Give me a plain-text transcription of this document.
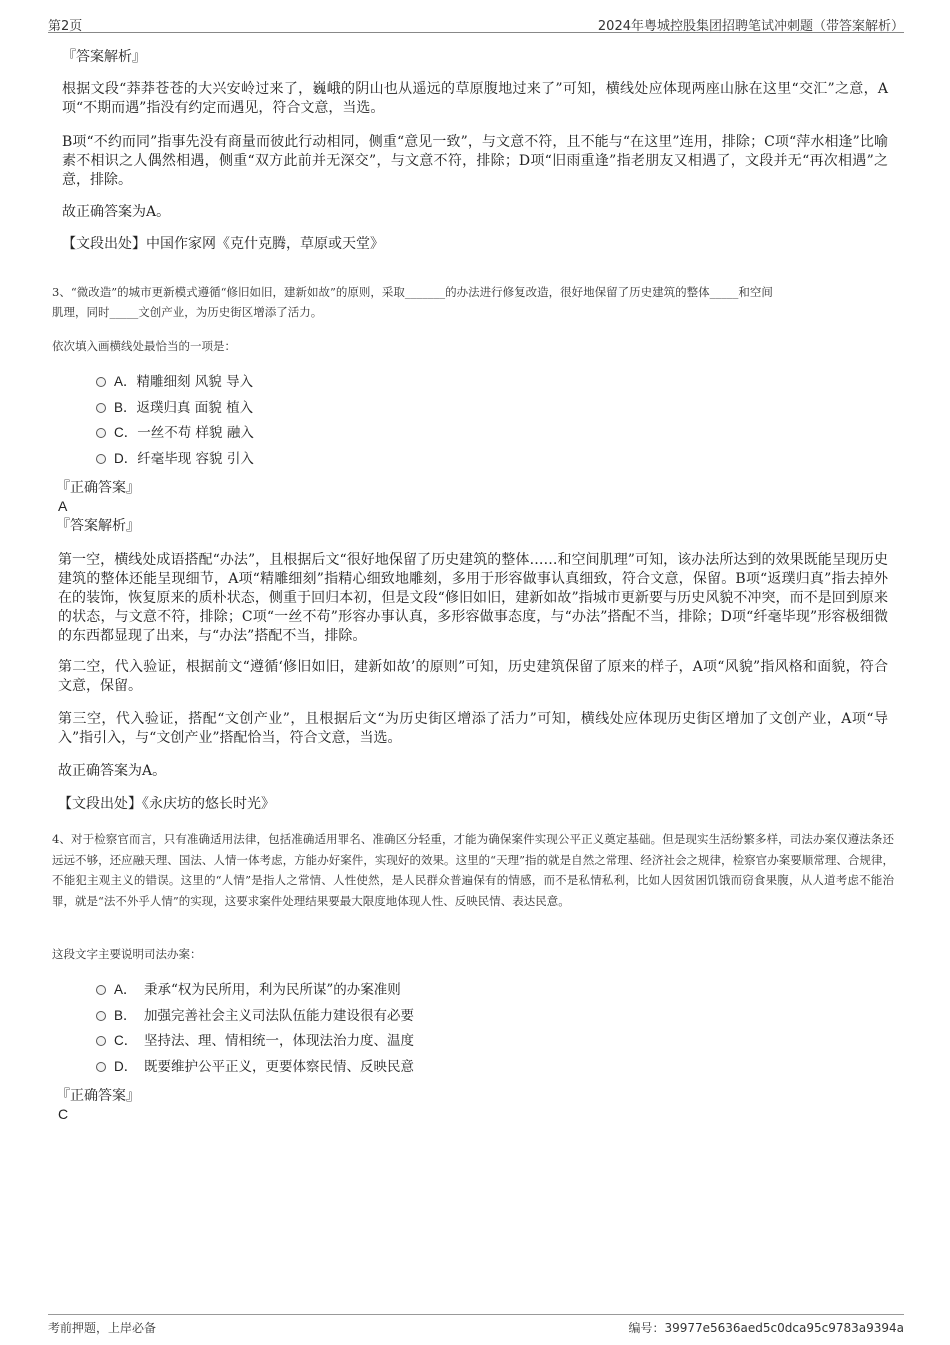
第2页	2024年粤城控股集团招聘笔试冲刺题（带答案解析）
『答案解析』
根据文段“莽莽苍苍的大兴安岭过来了，巍峨的阴山也从遥远的草原腹地过来了”可知，横线处应体现两座山脉在这里“交汇”之意，A项“不期而遇”指没有约定而遇见，符合文意，当选。
B项“不约而同”指事先没有商量而彼此行动相同，侧重“意见一致”，与文意不符，且不能与“在这里”连用，排除；C项“萍水相逢”比喻素不相识之人偶然相遇，侧重“双方此前并无深交”，与文意不符，排除；D项“旧雨重逢”指老朋友又相遇了，文段并无“再次相遇”之意，排除。
故正确答案为A。
【文段出处】中国作家网《克什克腾，草原或天堂》
3、“微改造”的城市更新模式遵循“修旧如旧，建新如故”的原则，采取_______的办法进行修复改造，很好地保留了历史建筑的整体_____和空间
肌理，同时_____文创产业，为历史街区增添了活力。
依次填入画横线处最恰当的一项是：
A．精雕细刻 风貌 导入
B．返璞归真 面貌 植入
C．一丝不苟 样貌 融入
D．纤毫毕现 容貌 引入
『正确答案』
A
『答案解析』
第一空，横线处成语搭配“办法”，且根据后文“很好地保留了历史建筑的整体……和空间肌理”可知，该办法所达到的效果既能呈现历史建筑的整体还能呈现细节，A项“精雕细刻”指精心细致地雕刻，多用于形容做事认真细致，符合文意，保留。B项“返璞归真”指去掉外在的装饰，恢复原来的质朴状态，侧重于回归本初，但是文段“修旧如旧，建新如故”指城市更新要与历史风貌不冲突，而不是回到原来的状态，与文意不符，排除；C项“一丝不苟”形容办事认真，多形容做事态度，与“办法”搭配不当，排除；D项“纤毫毕现”形容极细微的东西都显现了出来，与“办法”搭配不当，排除。
第二空，代入验证，根据前文“遵循‘修旧如旧，建新如故’的原则”可知，历史建筑保留了原来的样子，A项“风貌”指风格和面貌，符合文意，保留。
第三空，代入验证，搭配“文创产业”，且根据后文“为历史街区增添了活力”可知，横线处应体现历史街区增加了文创产业，A项“导入”指引入，与“文创产业”搭配恰当，符合文意，当选。
故正确答案为A。
【文段出处】《永庆坊的悠长时光》
4、对于检察官而言，只有准确适用法律，包括准确适用罪名、准确区分轻重，才能为确保案件实现公平正义奠定基础。但是现实生活纷繁多样，司法办案仅遵法条还远远不够，还应融天理、国法、人情一体考虑，方能办好案件，实现好的效果。这里的“天理”指的就是自然之常理、经济社会之规律，检察官办案要顺常理、合规律，不能犯主观主义的错误。这里的“人情”是指人之常情、人性使然，是人民群众普遍保有的情感，而不是私情私利，比如人因贫困饥饿而窃食果腹，从人道考虑不能治罪，就是“法不外乎人情”的实现，这要求案件处理结果要最大限度地体现人性、反映民情、表达民意。
这段文字主要说明司法办案：
A． 秉承“权为民所用，利为民所谋”的办案准则
B． 加强完善社会主义司法队伍能力建设很有必要
C． 坚持法、理、情相统一，体现法治力度、温度
D． 既要维护公平正义，更要体察民情、反映民意
『正确答案』
C
考前押题，上岸必备	编号：39977e5636aed5c0dca95c9783a9394a
